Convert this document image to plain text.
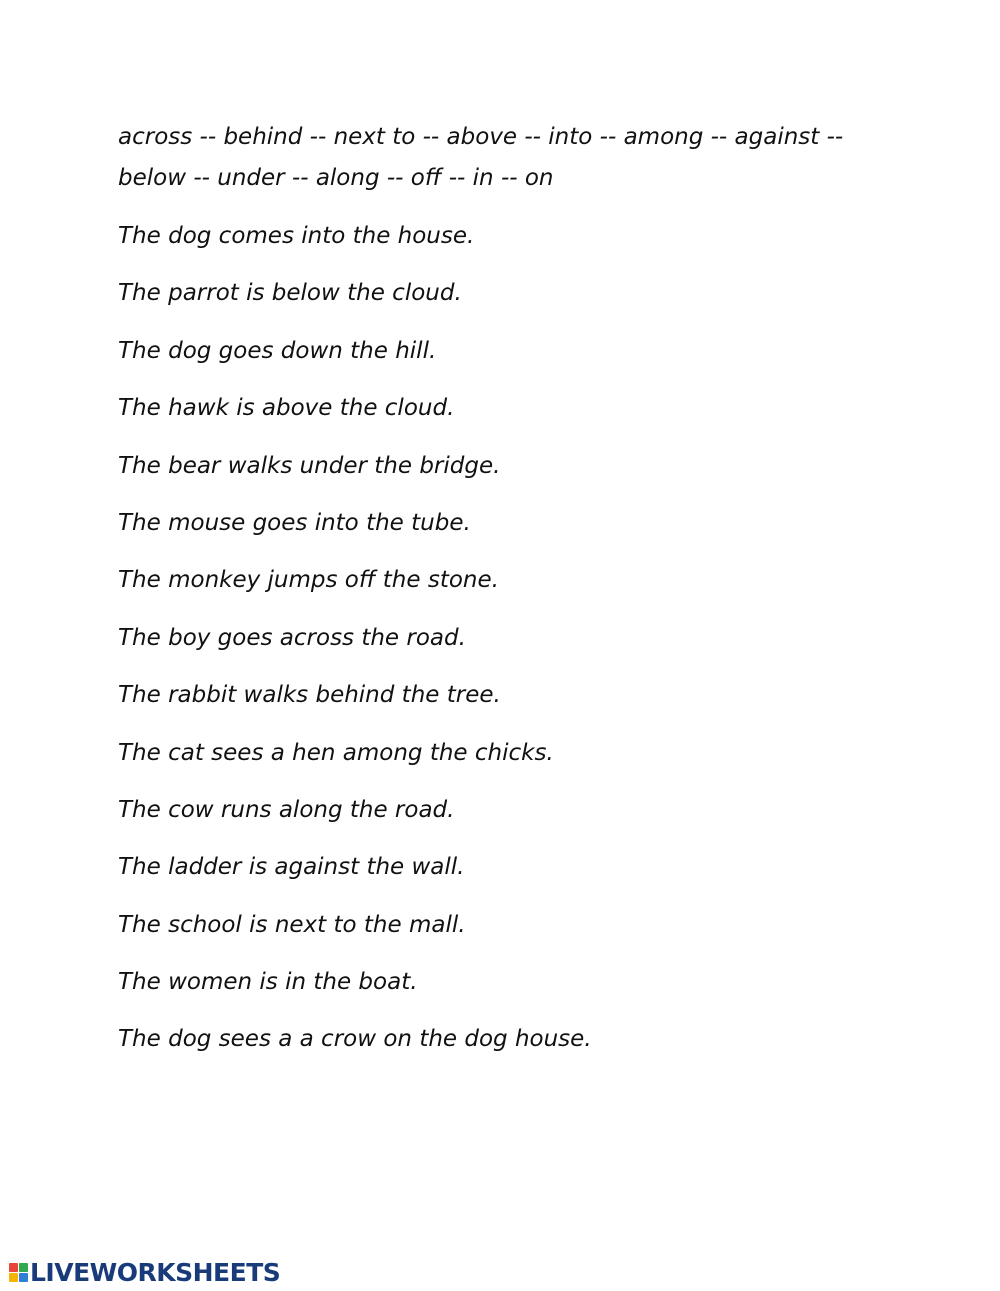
across -- behind -- next to -- above -- into -- among -- against --
below -- under -- along -- off -- in -- on
The dog comes into the house.
The parrot is below the cloud.
The dog goes down the hill.
The hawk is above the cloud.
The bear walks under the bridge.
The mouse goes into the tube.
The monkey jumps off the stone.
The boy goes across the road.
The rabbit walks behind the tree.
The cat sees a hen among the chicks.
The cow runs along the road.
The ladder is against the wall.
The school is next to the mall.
The women is in the boat.
The dog sees a a crow on the dog house.
LIVEWORKSHEETS
